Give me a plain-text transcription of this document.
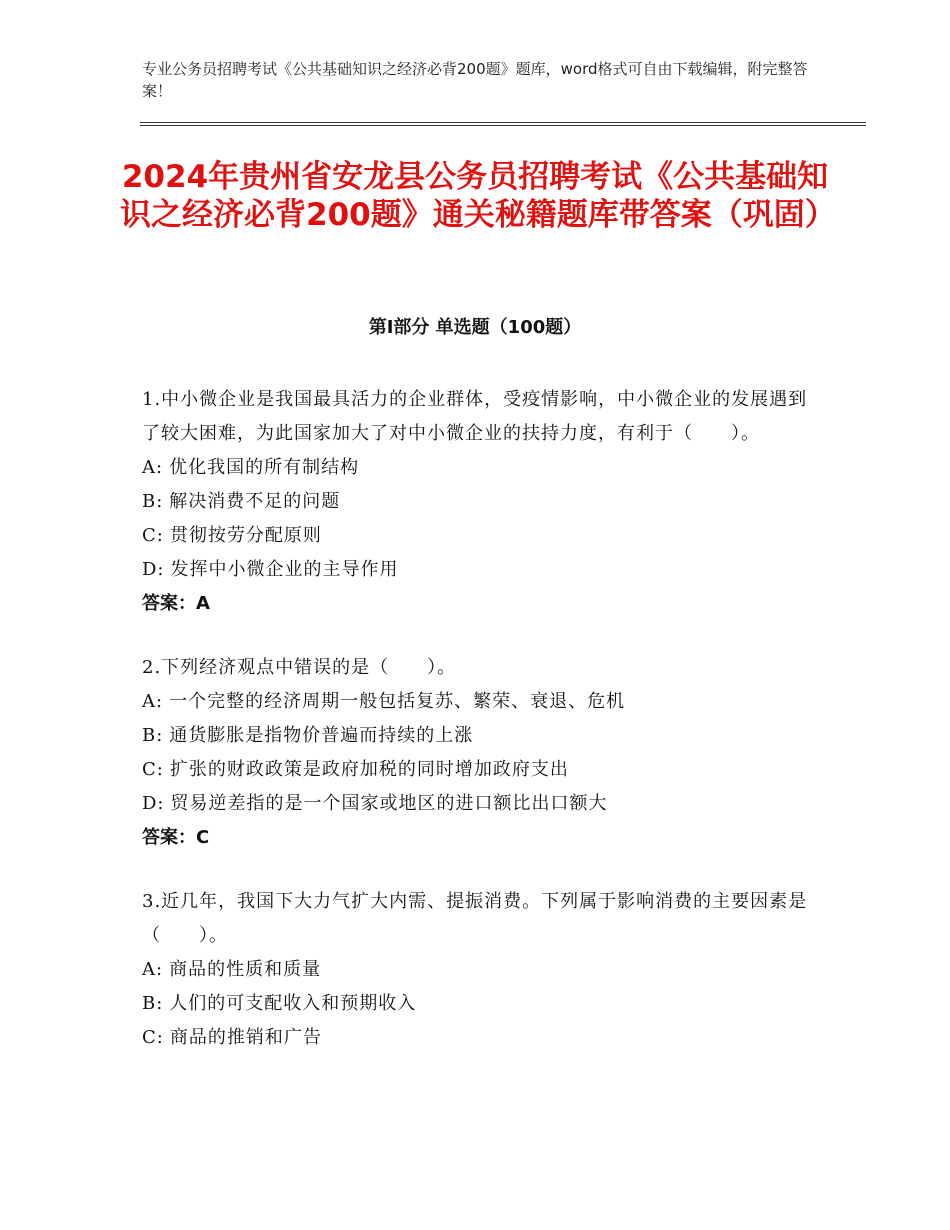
专业公务员招聘考试《公共基础知识之经济必背200题》题库，word格式可自由下载编辑，附完整答案！
2024年贵州省安龙县公务员招聘考试《公共基础知识之经济必背200题》通关秘籍题库带答案（巩固）
第Ⅰ部分 单选题（100题）
1.中小微企业是我国最具活力的企业群体，受疫情影响，中小微企业的发展遇到了较大困难，为此国家加大了对中小微企业的扶持力度，有利于（　　）。
A: 优化我国的所有制结构
B: 解决消费不足的问题
C: 贯彻按劳分配原则
D: 发挥中小微企业的主导作用
答案：A
2.下列经济观点中错误的是（　　）。
A: 一个完整的经济周期一般包括复苏、繁荣、衰退、危机
B: 通货膨胀是指物价普遍而持续的上涨
C: 扩张的财政政策是政府加税的同时增加政府支出
D: 贸易逆差指的是一个国家或地区的进口额比出口额大
答案：C
3.近几年，我国下大力气扩大内需、提振消费。下列属于影响消费的主要因素是（　　）。
A: 商品的性质和质量
B: 人们的可支配收入和预期收入
C: 商品的推销和广告
